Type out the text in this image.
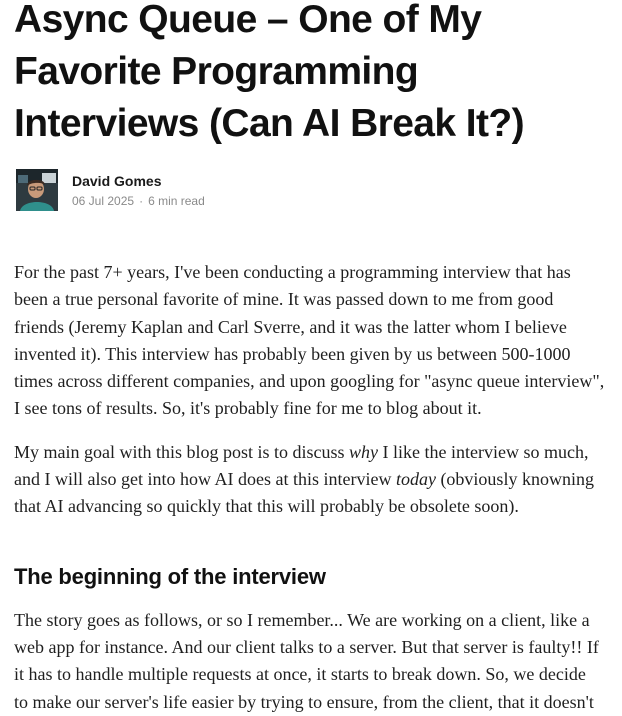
Async Queue – One of My
Favorite Programming
Interviews (Can AI Break It?)
David Gomes
06 Jul 2025 · 6 min read

For the past 7+ years, I've been conducting a programming interview that has
been a true personal favorite of mine. It was passed down to me from good
friends (Jeremy Kaplan and Carl Sverre, and it was the latter whom I believe
invented it). This interview has probably been given by us between 500-1000
times across different companies, and upon googling for "async queue interview",
I see tons of results. So, it's probably fine for me to blog about it.

My main goal with this blog post is to discuss why I like the interview so much,
and I will also get into how AI does at this interview today (obviously knowning
that AI advancing so quickly that this will probably be obsolete soon).

The beginning of the interview

The story goes as follows, or so I remember... We are working on a client, like a
web app for instance. And our client talks to a server. But that server is faulty!! If
it has to handle multiple requests at once, it starts to break down. So, we decide
to make our server's life easier by trying to ensure, from the client, that it doesn't
